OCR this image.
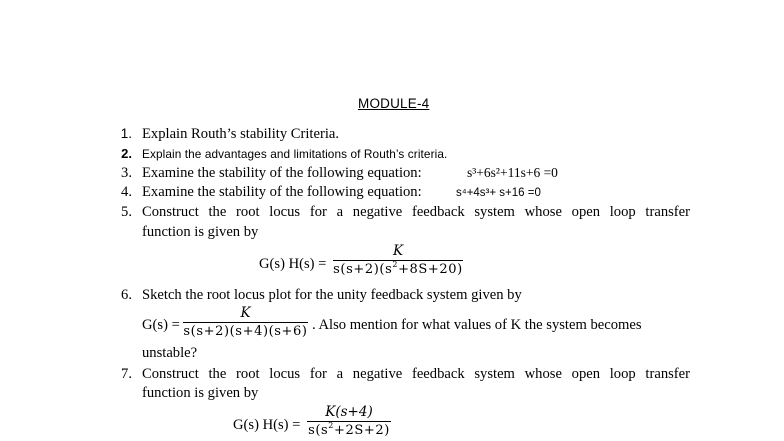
MODULE-4
1. Explain Routh’s stability Criteria.
2. Explain the advantages and limitations of Routh’s criteria.
3. Examine the stability of the following equation:	s³+6s²+11s+6 =0
4. Examine the stability of the following equation:	s⁴+4s³+ s+16 =0
5. Construct the root locus for a negative feedback system whose open loop transfer
function is given by
G(s) H(s) =
K
$s(s+2)(s^2+8S+20)$
6. Sketch the root locus plot for the unity feedback system given by
G(s) =
K
s(s+2)(s+4)(s+6) . Also mention for what values of K the system becomes
unstable?
7. Construct the root locus for a negative feedback system whose open loop transfer
function is given by
G(s) H(s) =
K(s+4)
$s(s^2+2S+2)$
